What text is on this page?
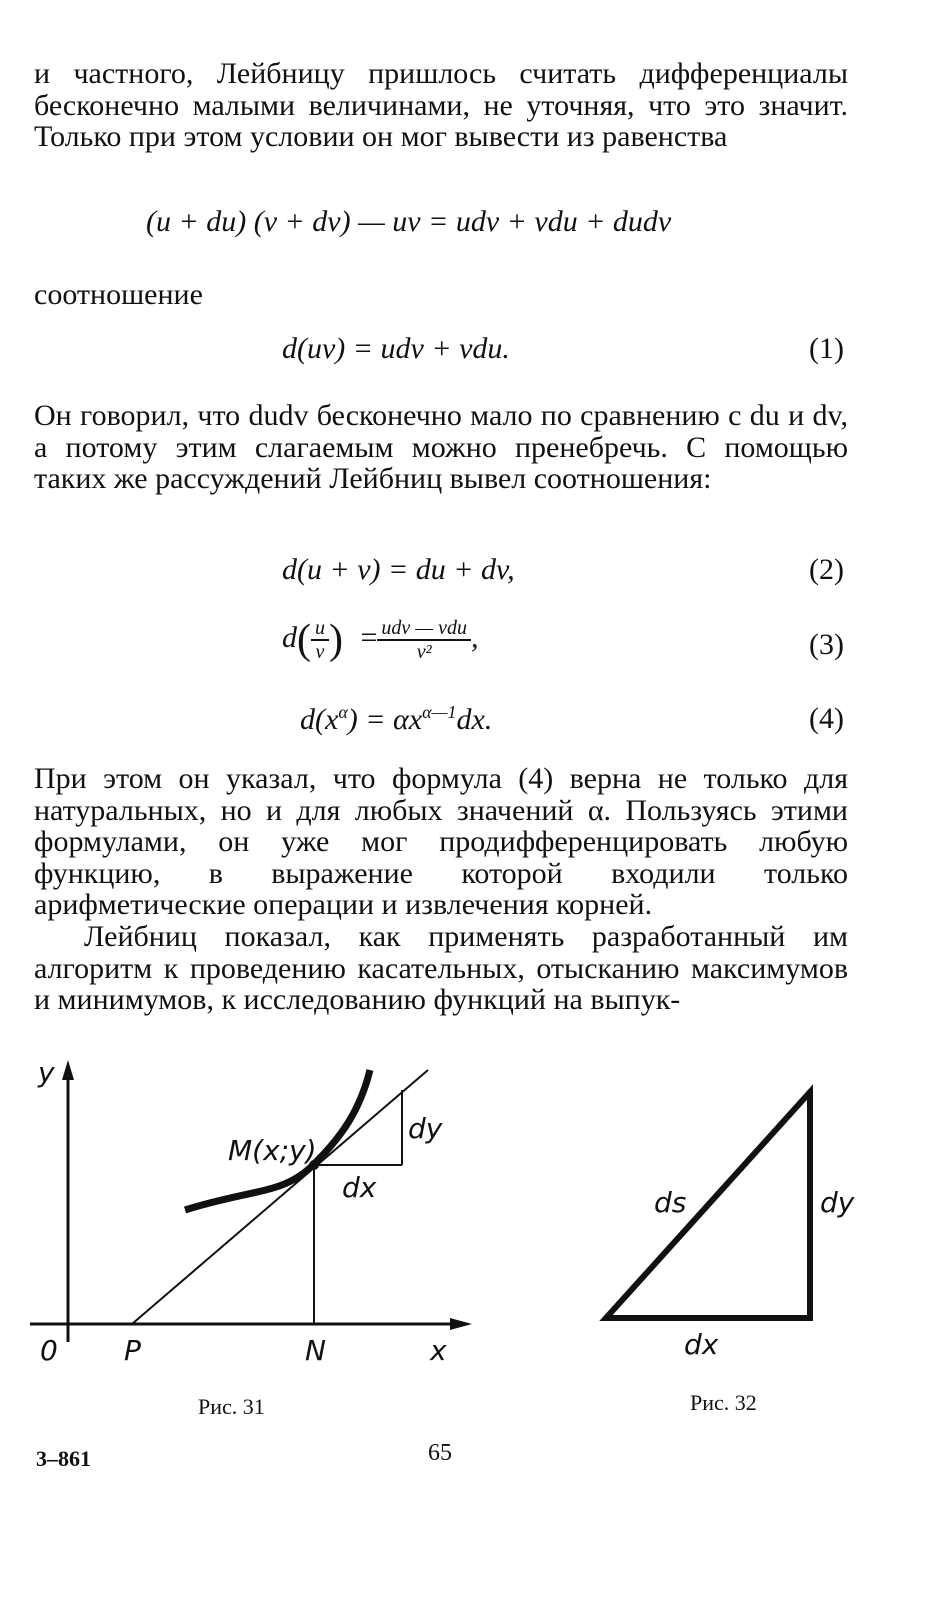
и частного, Лейбницу пришлось считать дифференциалы бесконечно малыми величинами, не уточняя, что это значит. Только при этом условии он мог вывести из равенства

(u + du) (v + dv) — uv = udv + vdu + dudv
соотношение
d(uv) = udv + vdu.	(1)

Он говорил, что dudv бесконечно мало по сравнению с du и dv, а потому этим слагаемым можно пренебречь. С помощью таких же рассуждений Лейбниц вывел соотношения:

d(u + v) = du + dv,	(2)
$d( \frac{u}{v}$ ) = $\frac{\text{udv — vdu}}{\text{v²}}$ ,	(3)
$d(x^\alpha) = \alpha x^{\alpha—1}dx$.	(4)

При этом он указал, что формула (4) верна не только для натуральных, но и для любых значений α. Пользуясь этими формулами, он уже мог продифференцировать любую функцию, в выражение которой входили только арифметические операции и извлечения корней.

Лейбниц показал, как применять разработанный им алгоритм к проведению касательных, отысканию максимумов и минимумов, к исследованию функций на выпук-

y
0 P	N	x
M(x;y)
dx
dy
Рис. 31
ds	dy
dx
Рис. 32
3–861	65
